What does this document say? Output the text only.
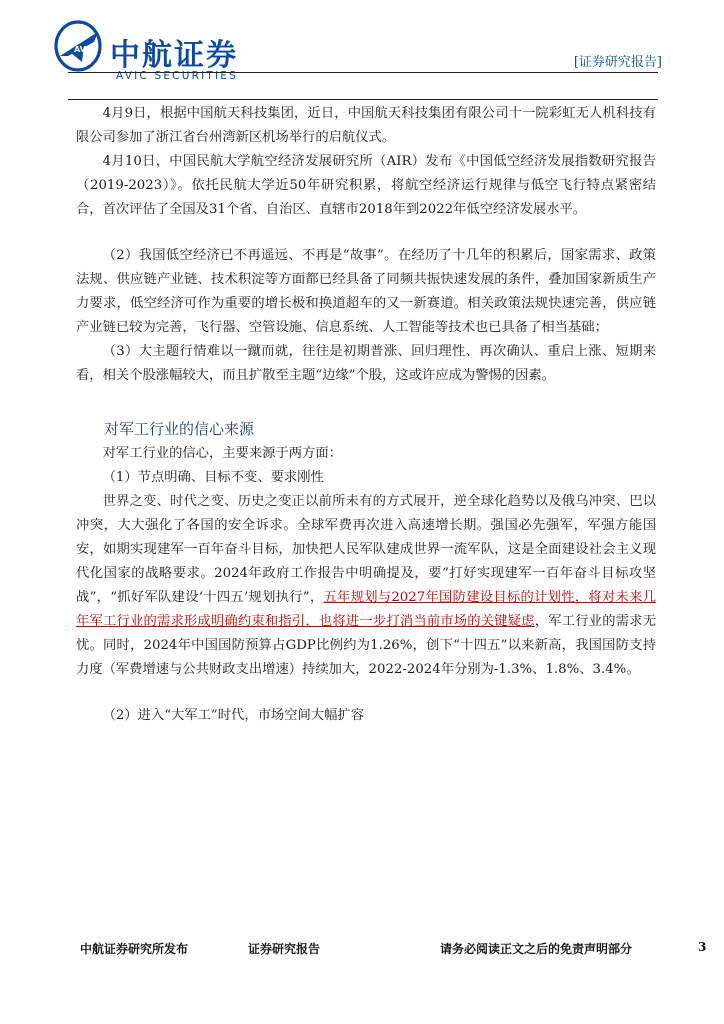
AVIC 中航证券
AVIC SECURITIES
[证券研究报告]

4月9日，根据中国航天科技集团，近日，中国航天科技集团有限公司十一院彩虹无人机科技有限公司参加了浙江省台州湾新区机场举行的启航仪式。

4月10日，中国民航大学航空经济发展研究所（AIR）发布《中国低空经济发展指数研究报告（2019-2023）》。依托民航大学近50年研究积累，将航空经济运行规律与低空飞行特点紧密结合，首次评估了全国及31个省、自治区、直辖市2018年到2022年低空经济发展水平。

（2）我国低空经济已不再遥远、不再是“故事”。在经历了十几年的积累后，国家需求、政策法规、供应链产业链、技术积淀等方面都已经具备了同频共振快速发展的条件，叠加国家新质生产力要求，低空经济可作为重要的增长极和换道超车的又一新赛道。相关政策法规快速完善，供应链产业链已较为完善，飞行器、空管设施、信息系统、人工智能等技术也已具备了相当基础；

（3）大主题行情难以一蹴而就，往往是初期普涨、回归理性、再次确认、重启上涨、短期来看，相关个股涨幅较大，而且扩散至主题“边缘”个股，这或许应成为警惕的因素。

对军工行业的信心来源

对军工行业的信心，主要来源于两方面：

（1）节点明确、目标不变、要求刚性

世界之变、时代之变、历史之变正以前所未有的方式展开，逆全球化趋势以及俄乌冲突、巴以冲突，大大强化了各国的安全诉求。全球军费再次进入高速增长期。强国必先强军，军强方能国安，如期实现建军一百年奋斗目标，加快把人民军队建成世界一流军队，这是全面建设社会主义现代化国家的战略要求。2024年政府工作报告中明确提及，要“打好实现建军一百年奋斗目标攻坚战”，“抓好军队建设‘十四五’规划执行”，五年规划与2027年国防建设目标的计划性，将对未来几年军工行业的需求形成明确约束和指引，也将进一步打消当前市场的关键疑虑，军工行业的需求无忧。同时，2024年中国国防预算占GDP比例约为1.26%，创下“十四五”以来新高，我国国防支持力度（军费增速与公共财政支出增速）持续加大，2022-2024年分别为-1.3%、1.8%、3.4%。

（2）进入“大军工”时代，市场空间大幅扩容

中航证券研究所发布	证券研究报告	请务必阅读正文之后的免责声明部分	3
